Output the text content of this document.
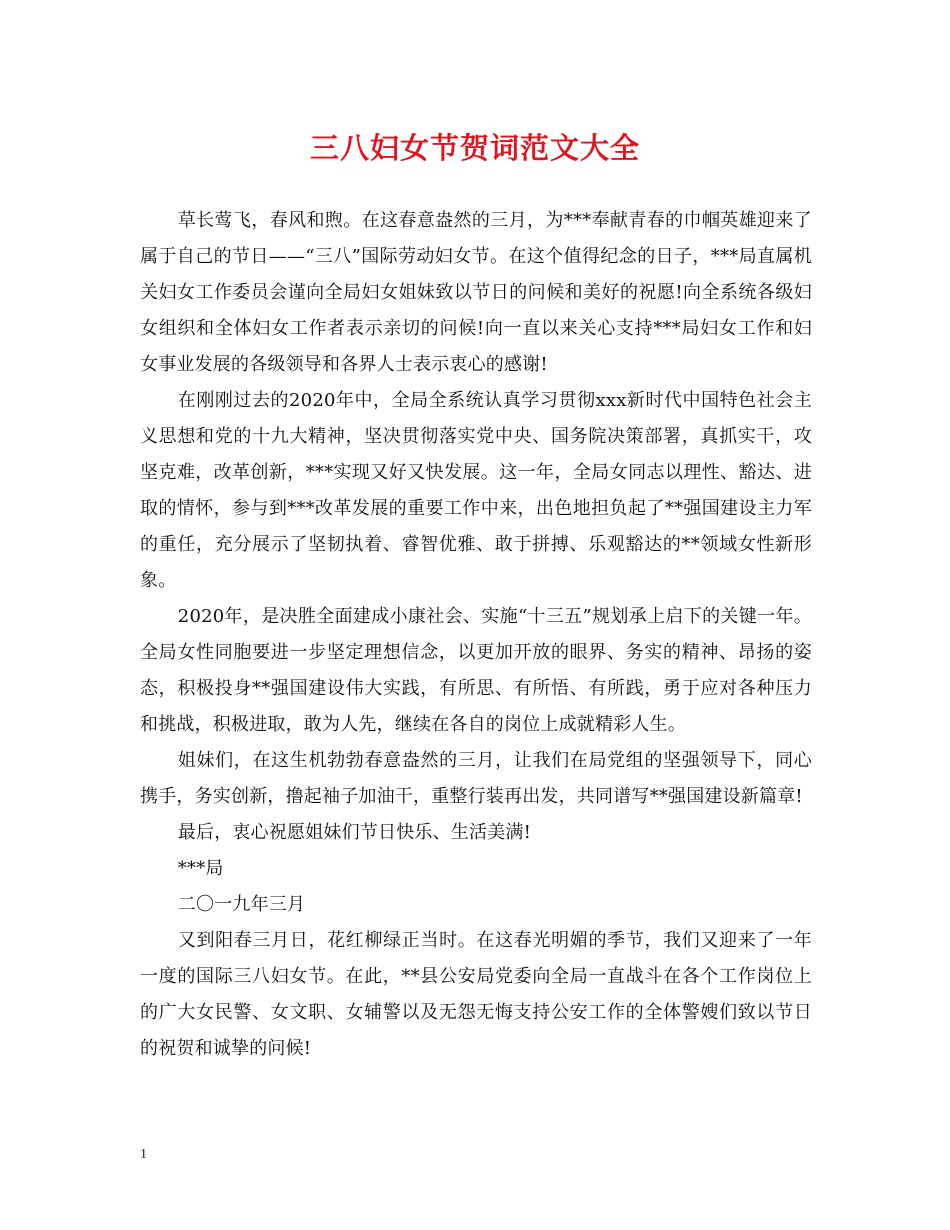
三八妇女节贺词范文大全

草长莺飞，春风和煦。在这春意盎然的三月，为***奉献青春的巾帼英雄迎来了属于自己的节日——“三八”国际劳动妇女节。在这个值得纪念的日子，***局直属机关妇女工作委员会谨向全局妇女姐妹致以节日的问候和美好的祝愿!向全系统各级妇女组织和全体妇女工作者表示亲切的问候!向一直以来关心支持***局妇女工作和妇女事业发展的各级领导和各界人士表示衷心的感谢!

在刚刚过去的2020年中，全局全系统认真学习贯彻xxx新时代中国特色社会主义思想和党的十九大精神，坚决贯彻落实党中央、国务院决策部署，真抓实干，攻坚克难，改革创新，***实现又好又快发展。这一年，全局女同志以理性、豁达、进取的情怀，参与到***改革发展的重要工作中来，出色地担负起了**强国建设主力军的重任，充分展示了坚韧执着、睿智优雅、敢于拼搏、乐观豁达的**领域女性新形象。

2020年，是决胜全面建成小康社会、实施“十三五”规划承上启下的关键一年。全局女性同胞要进一步坚定理想信念，以更加开放的眼界、务实的精神、昂扬的姿态，积极投身**强国建设伟大实践，有所思、有所悟、有所践，勇于应对各种压力和挑战，积极进取，敢为人先，继续在各自的岗位上成就精彩人生。

姐妹们，在这生机勃勃春意盎然的三月，让我们在局党组的坚强领导下，同心携手，务实创新，撸起袖子加油干，重整行装再出发，共同谱写**强国建设新篇章!

最后，衷心祝愿姐妹们节日快乐、生活美满!

***局

二〇一九年三月

又到阳春三月日，花红柳绿正当时。在这春光明媚的季节，我们又迎来了一年一度的国际三八妇女节。在此，**县公安局党委向全局一直战斗在各个工作岗位上的广大女民警、女文职、女辅警以及无怨无悔支持公安工作的全体警嫂们致以节日的祝贺和诚挚的问候!

1
